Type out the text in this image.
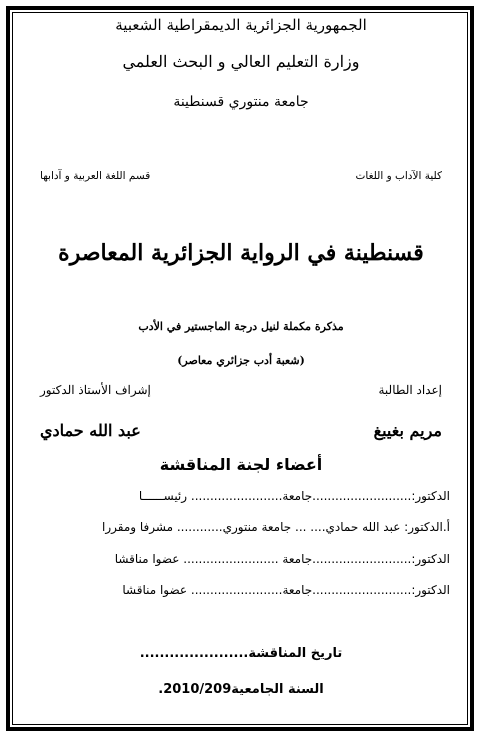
الجمهورية الجزائرية الديمقراطية الشعبية
وزارة التعليم العالي و البحث العلمي
جامعة منتوري قسنطينة
كلية الآداب و اللغات
قسم اللغة العربية و آدابها
قسنطينة في الرواية الجزائرية المعاصرة
مذكرة مكملة لنيل درجة الماجستير في الأدب
(شعبة أدب جزائري معاصر)
إعداد الطالبة
إشراف الأستاذ الدكتور
مريم بغيبغ
عبد الله حمادي
أعضاء لجنة المناقشة
الدكتور:..........................جامعة........................ رئيســــــا
أ.الدكتور: عبد الله حمادي.... ... جامعة منتوري............ مشرفا ومقررا
الدكتور:..........................جامعة ......................... عضوا مناقشا
الدكتور:..........................جامعة........................ عضوا مناقشا
تاريخ المناقشة......................
السنة الجامعية2010/209.
